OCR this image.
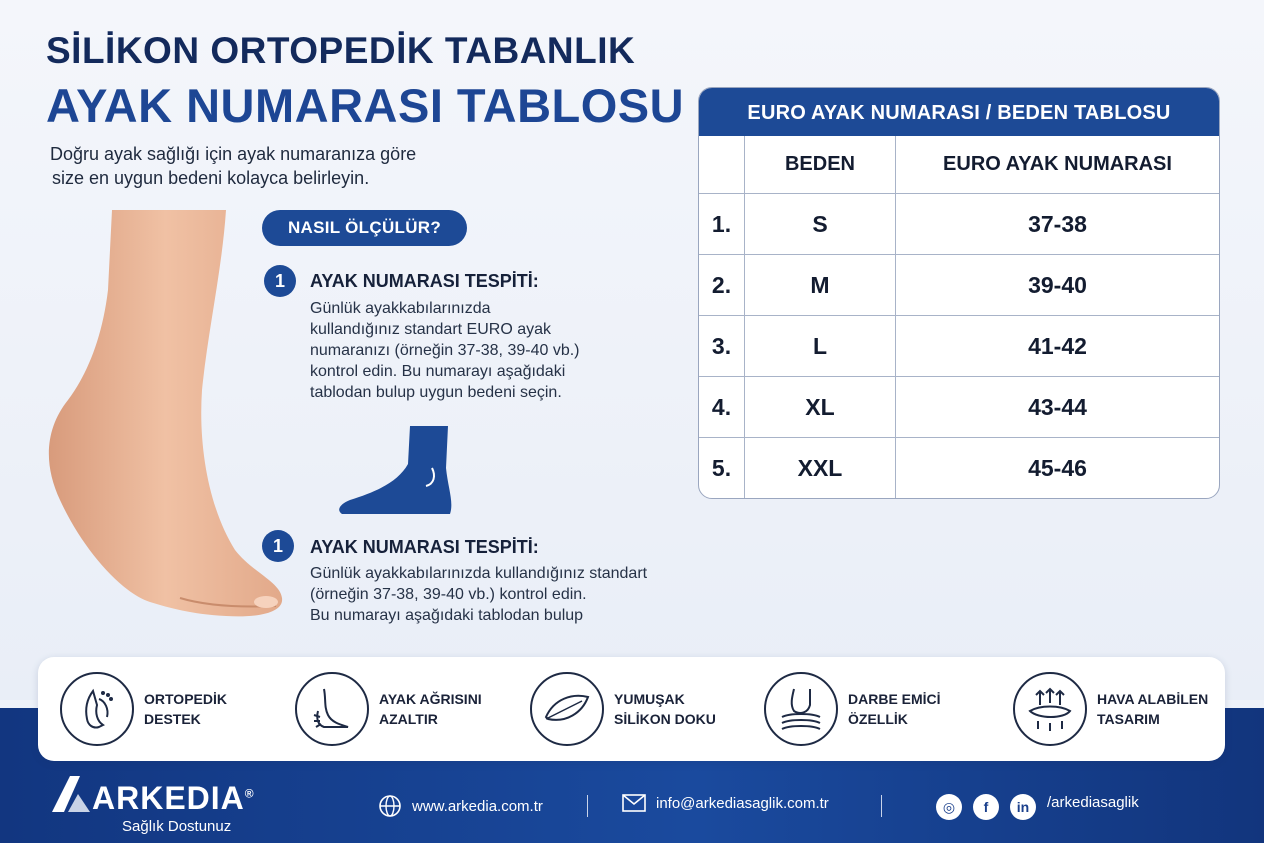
SİLİKON ORTOPEDİK TABANLIK
AYAK NUMARASI TABLOSU
Doğru ayak sağlığı için ayak numaranıza göre
size en uygun bedeni kolayca belirleyin.
NASIL ÖLÇÜLÜR?
1	AYAK NUMARASI TESPİTİ:
Günlük ayakkabılarınızda
kullandığınız standart EURO ayak
numaranızı (örneğin 37-38, 39-40 vb.)
kontrol edin. Bu numarayı aşağıdaki
tablodan bulup uygun bedeni seçin.
1	AYAK NUMARASI TESPİTİ:
Günlük ayakkabılarınızda kullandığınız standart
(örneğin 37-38, 39-40 vb.) kontrol edin.
Bu numarayı aşağıdaki tablodan bulup
EURO AYAK NUMARASI / BEDEN TABLOSU
BEDEN	EURO AYAK NUMARASI
1.	S	37-38
2.	M	39-40
3.	L	41-42
4.	XL	43-44
5.	XXL	45-46
ORTOPEDİK
DESTEK
AYAK AĞRISINI
AZALTIR
YUMUŞAK
SİLİKON DOKU
DARBE EMİCİ
ÖZELLİK
HAVA ALABİLEN
TASARIM
ARKEDIA®
Sağlık Dostunuz
www.arkedia.com.tr	info@arkediasaglik.com.tr	◎	f	in	/arkediasaglik
